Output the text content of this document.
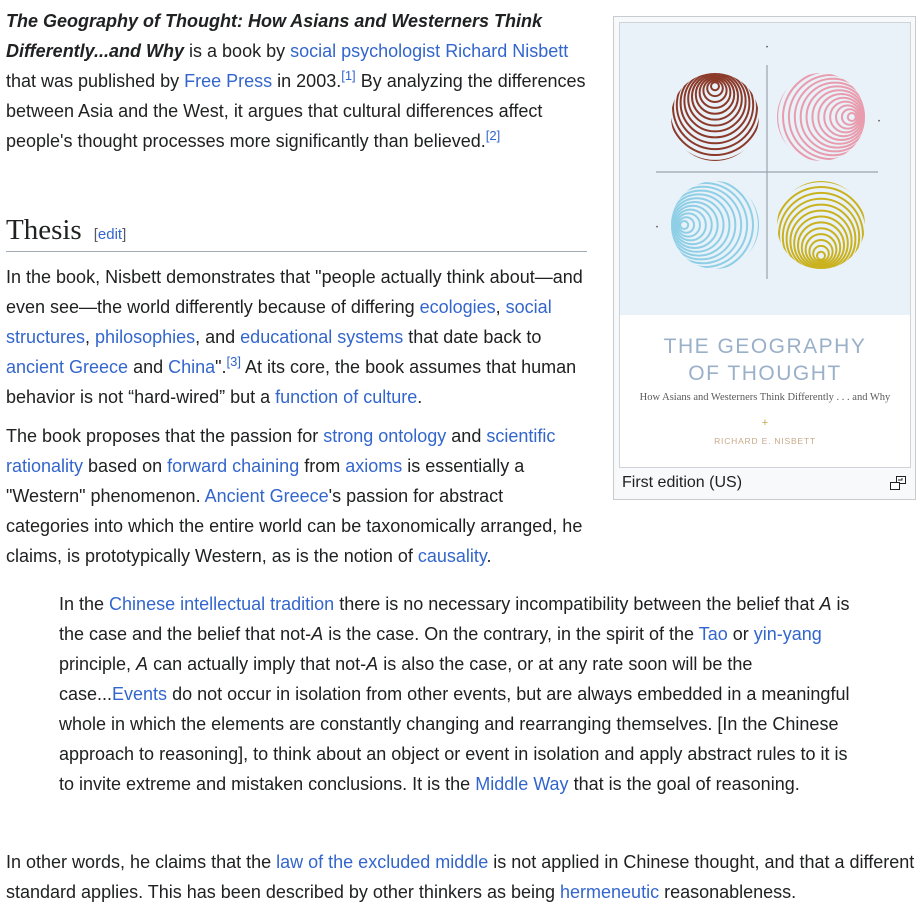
The Geography of Thought: How Asians and Westerners Think Differently...and Why is a book by social psychologist Richard Nisbett that was published by Free Press in 2003.[1] By analyzing the differences between Asia and the West, it argues that cultural differences affect people's thought processes more significantly than believed.[2]

Thesis [edit]

In the book, Nisbett demonstrates that "people actually think about—and even see—the world differently because of differing ecologies, social structures, philosophies, and educational systems that date back to ancient Greece and China".[3] At its core, the book assumes that human behavior is not “hard-wired” but a function of culture.

The book proposes that the passion for strong ontology and scientific rationality based on forward chaining from axioms is essentially a "Western" phenomenon. Ancient Greece's passion for abstract categories into which the entire world can be taxonomically arranged, he claims, is prototypically Western, as is the notion of causality.

In the Chinese intellectual tradition there is no necessary incompatibility between the belief that A is the case and the belief that not-A is the case. On the contrary, in the spirit of the Tao or yin-yang principle, A can actually imply that not-A is also the case, or at any rate soon will be the case...Events do not occur in isolation from other events, but are always embedded in a meaningful whole in which the elements are constantly changing and rearranging themselves. [In the Chinese approach to reasoning], to think about an object or event in isolation and apply abstract rules to it is to invite extreme and mistaken conclusions. It is the Middle Way that is the goal of reasoning.

In other words, he claims that the law of the excluded middle is not applied in Chinese thought, and that a different standard applies. This has been described by other thinkers as being hermeneutic reasonableness.

•
•
•
THE GEOGRAPHY
OF THOUGHT
How Asians and Westerners Think Differently . . . and Why
+
RICHARD E. NISBETT
First edition (US)
